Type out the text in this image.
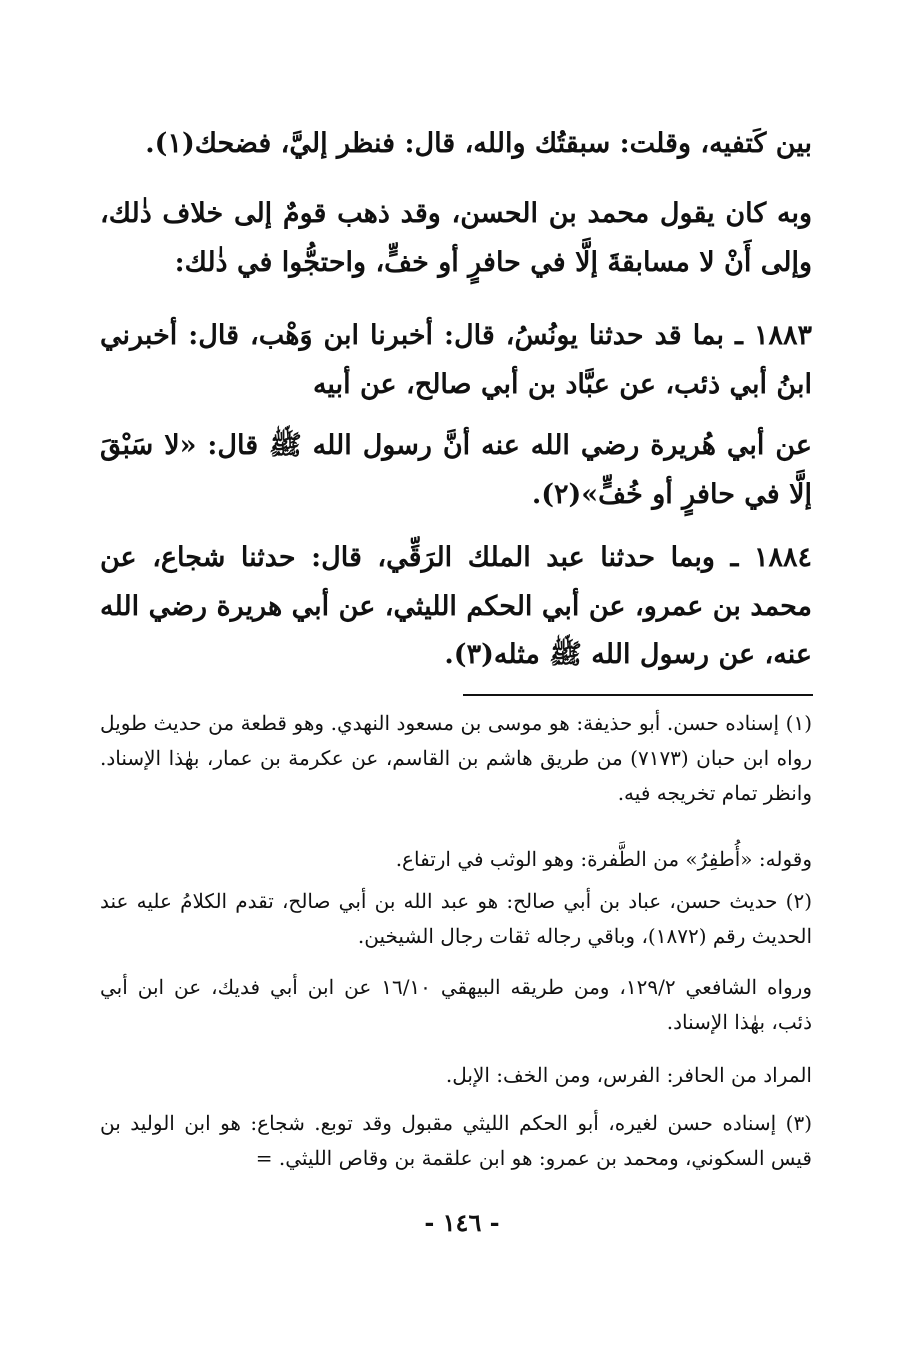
بين كَتفيه، وقلت: سبقتُك والله، قال: فنظر إليَّ، فضحك(١).

وبه كان يقول محمد بن الحسن، وقد ذهب قومٌ إلى خلاف ذٰلك، وإلى أَنْ لا مسابقةَ إلَّا في حافرٍ أو خفٍّ، واحتجُّوا في ذٰلك:

١٨٨٣ ـ بما قد حدثنا يونُسُ، قال: أخبرنا ابن وَهْب، قال: أخبرني ابنُ أبي ذئب، عن عبَّاد بن أبي صالح، عن أبيه

عن أبي هُريرة رضي الله عنه أنَّ رسول الله ﷺ قال: «لا سَبْقَ إلَّا في حافرٍ أو خُفٍّ»(٢).

١٨٨٤ ـ وبما حدثنا عبد الملك الرَقِّي، قال: حدثنا شجاع، عن محمد بن عمرو، عن أبي الحكم الليثي، عن أبي هريرة رضي الله عنه، عن رسول الله ﷺ مثله(٣).

(١) إسناده حسن. أبو حذيفة: هو موسى بن مسعود النهدي. وهو قطعة من حديث طويل رواه ابن حبان (٧١٧٣) من طريق هاشم بن القاسم، عن عكرمة بن عمار، بهٰذا الإسناد. وانظر تمام تخريجه فيه.

وقوله: «أُطفِرُ» من الطَّفرة: وهو الوثب في ارتفاع.

(٢) حديث حسن، عباد بن أبي صالح: هو عبد الله بن أبي صالح، تقدم الكلامُ عليه عند الحديث رقم (١٨٧٢)، وباقي رجاله ثقات رجال الشيخين.

ورواه الشافعي ١٢٩/٢، ومن طريقه البيهقي ١٦/١٠ عن ابن أبي فديك، عن ابن أبي ذئب، بهٰذا الإسناد.

المراد من الحافر: الفرس، ومن الخف: الإبل.

(٣) إسناده حسن لغيره، أبو الحكم الليثي مقبول وقد توبع. شجاع: هو ابن الوليد بن قيس السكوني، ومحمد بن عمرو: هو ابن علقمة بن وقاص الليثي. =

- ١٤٦ -
